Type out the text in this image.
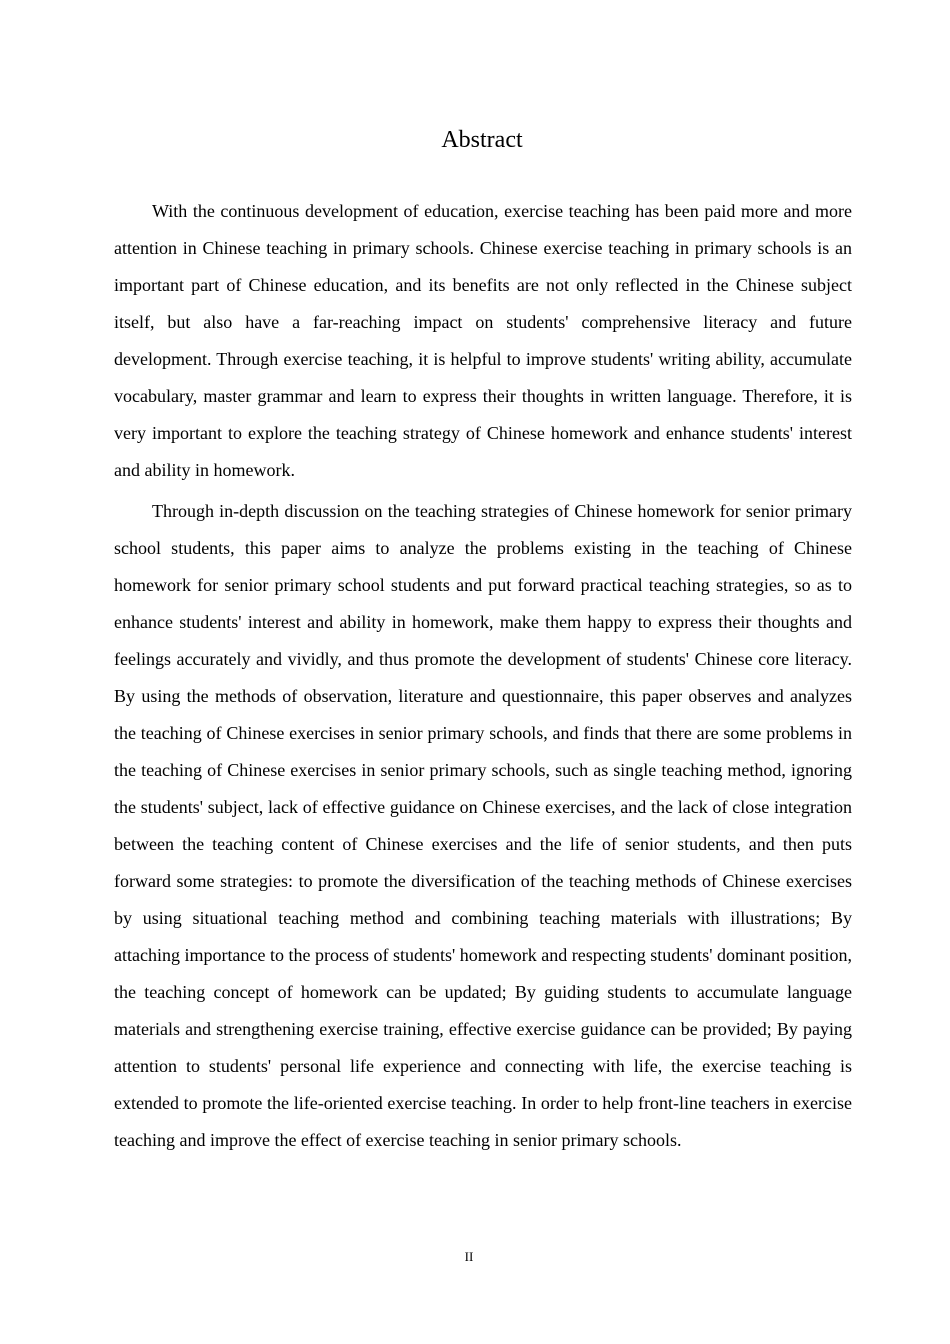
Abstract

With the continuous development of education, exercise teaching has been paid more and more attention in Chinese teaching in primary schools. Chinese exercise teaching in primary schools is an important part of Chinese education, and its benefits are not only reflected in the Chinese subject itself, but also have a far-reaching impact on students' comprehensive literacy and future development. Through exercise teaching, it is helpful to improve students' writing ability, accumulate vocabulary, master grammar and learn to express their thoughts in written language. Therefore, it is very important to explore the teaching strategy of Chinese homework and enhance students' interest and ability in homework.

Through in-depth discussion on the teaching strategies of Chinese homework for senior primary school students, this paper aims to analyze the problems existing in the teaching of Chinese homework for senior primary school students and put forward practical teaching strategies, so as to enhance students' interest and ability in homework, make them happy to express their thoughts and feelings accurately and vividly, and thus promote the development of students' Chinese core literacy. By using the methods of observation, literature and questionnaire, this paper observes and analyzes the teaching of Chinese exercises in senior primary schools, and finds that there are some problems in the teaching of Chinese exercises in senior primary schools, such as single teaching method, ignoring the students' subject, lack of effective guidance on Chinese exercises, and the lack of close integration between the teaching content of Chinese exercises and the life of senior students, and then puts forward some strategies: to promote the diversification of the teaching methods of Chinese exercises by using situational teaching method and combining teaching materials with illustrations; By attaching importance to the process of students' homework and respecting students' dominant position, the teaching concept of homework can be updated; By guiding students to accumulate language materials and strengthening exercise training, effective exercise guidance can be provided; By paying attention to students' personal life experience and connecting with life, the exercise teaching is extended to promote the life-oriented exercise teaching. In order to help front-line teachers in exercise teaching and improve the effect of exercise teaching in senior primary schools.

II
